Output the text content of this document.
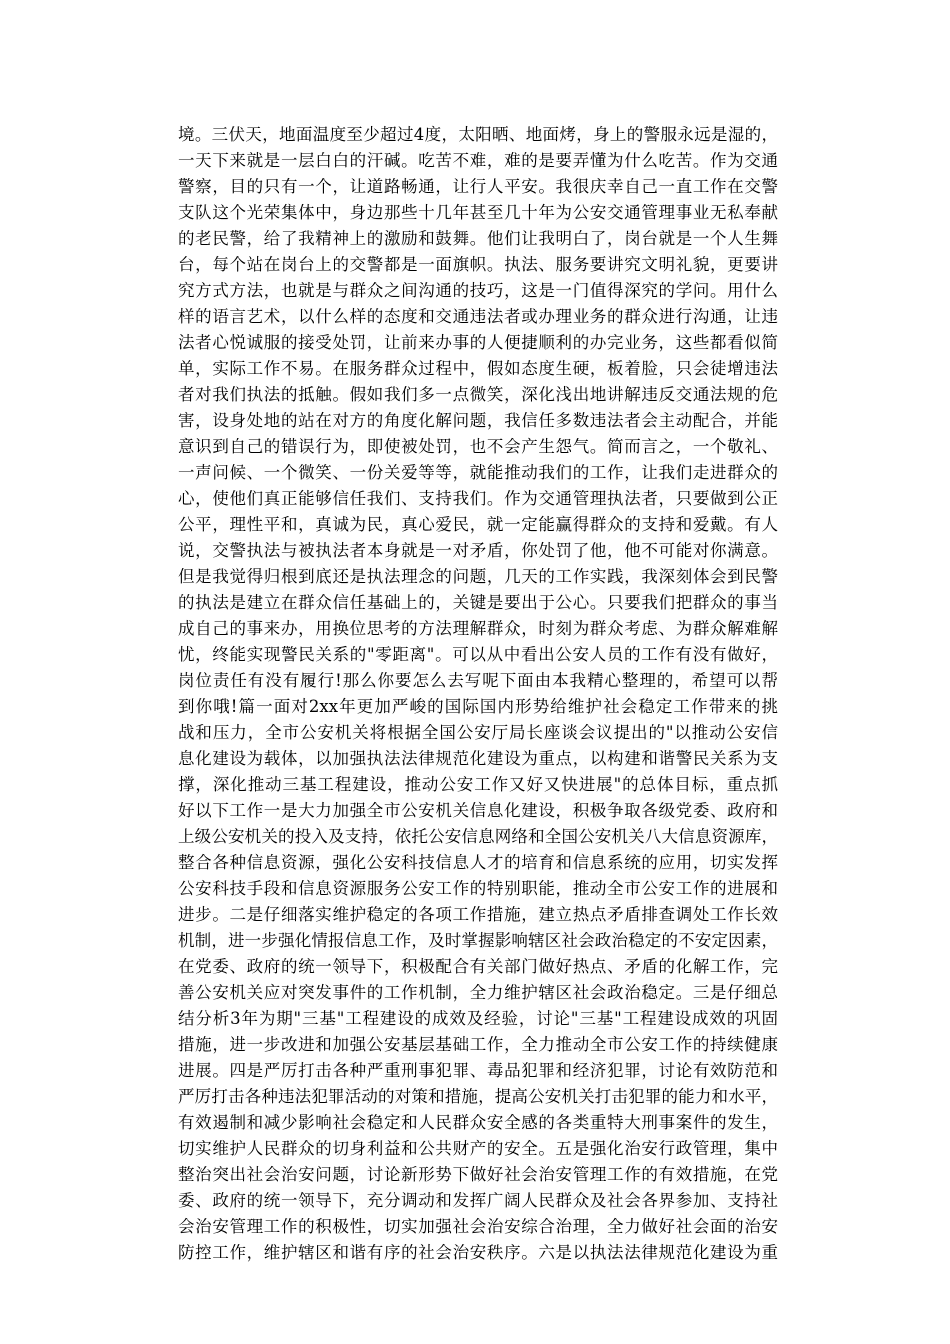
境。三伏天，地面温度至少超过4度，太阳晒、地面烤，身上的警服永远是湿的，
一天下来就是一层白白的汗碱。吃苦不难，难的是要弄懂为什么吃苦。作为交通
警察，目的只有一个，让道路畅通，让行人平安。我很庆幸自己一直工作在交警
支队这个光荣集体中，身边那些十几年甚至几十年为公安交通管理事业无私奉献
的老民警，给了我精神上的激励和鼓舞。他们让我明白了，岗台就是一个人生舞
台，每个站在岗台上的交警都是一面旗帜。执法、服务要讲究文明礼貌，更要讲
究方式方法，也就是与群众之间沟通的技巧，这是一门值得深究的学问。用什么
样的语言艺术，以什么样的态度和交通违法者或办理业务的群众进行沟通，让违
法者心悦诚服的接受处罚，让前来办事的人便捷顺利的办完业务，这些都看似简
单，实际工作不易。在服务群众过程中，假如态度生硬，板着脸，只会徒增违法
者对我们执法的抵触。假如我们多一点微笑，深化浅出地讲解违反交通法规的危
害，设身处地的站在对方的角度化解问题，我信任多数违法者会主动配合，并能
意识到自己的错误行为，即使被处罚，也不会产生怨气。简而言之，一个敬礼、
一声问候、一个微笑、一份关爱等等，就能推动我们的工作，让我们走进群众的
心，使他们真正能够信任我们、支持我们。作为交通管理执法者，只要做到公正
公平，理性平和，真诚为民，真心爱民，就一定能赢得群众的支持和爱戴。有人
说，交警执法与被执法者本身就是一对矛盾，你处罚了他，他不可能对你满意。
但是我觉得归根到底还是执法理念的问题，几天的工作实践，我深刻体会到民警
的执法是建立在群众信任基础上的，关键是要出于公心。只要我们把群众的事当
成自己的事来办，用换位思考的方法理解群众，时刻为群众考虑、为群众解难解
忧，终能实现警民关系的"零距离"。可以从中看出公安人员的工作有没有做好，
岗位责任有没有履行!那么你要怎么去写呢下面由本我精心整理的，希望可以帮
到你哦!篇一面对2xx年更加严峻的国际国内形势给维护社会稳定工作带来的挑
战和压力，全市公安机关将根据全国公安厅局长座谈会议提出的"以推动公安信
息化建设为载体，以加强执法法律规范化建设为重点，以构建和谐警民关系为支
撑，深化推动三基工程建设，推动公安工作又好又快进展"的总体目标，重点抓
好以下工作一是大力加强全市公安机关信息化建设，积极争取各级党委、政府和
上级公安机关的投入及支持，依托公安信息网络和全国公安机关八大信息资源库，
整合各种信息资源，强化公安科技信息人才的培育和信息系统的应用，切实发挥
公安科技手段和信息资源服务公安工作的特别职能，推动全市公安工作的进展和
进步。二是仔细落实维护稳定的各项工作措施，建立热点矛盾排查调处工作长效
机制，进一步强化情报信息工作，及时掌握影响辖区社会政治稳定的不安定因素，
在党委、政府的统一领导下，积极配合有关部门做好热点、矛盾的化解工作，完
善公安机关应对突发事件的工作机制，全力维护辖区社会政治稳定。三是仔细总
结分析3年为期"三基"工程建设的成效及经验，讨论"三基"工程建设成效的巩固
措施，进一步改进和加强公安基层基础工作，全力推动全市公安工作的持续健康
进展。四是严厉打击各种严重刑事犯罪、毒品犯罪和经济犯罪，讨论有效防范和
严厉打击各种违法犯罪活动的对策和措施，提高公安机关打击犯罪的能力和水平，
有效遏制和减少影响社会稳定和人民群众安全感的各类重特大刑事案件的发生，
切实维护人民群众的切身利益和公共财产的安全。五是强化治安行政管理，集中
整治突出社会治安问题，讨论新形势下做好社会治安管理工作的有效措施，在党
委、政府的统一领导下，充分调动和发挥广阔人民群众及社会各界参加、支持社
会治安管理工作的积极性，切实加强社会治安综合治理，全力做好社会面的治安
防控工作，维护辖区和谐有序的社会治安秩序。六是以执法法律规范化建设为重
